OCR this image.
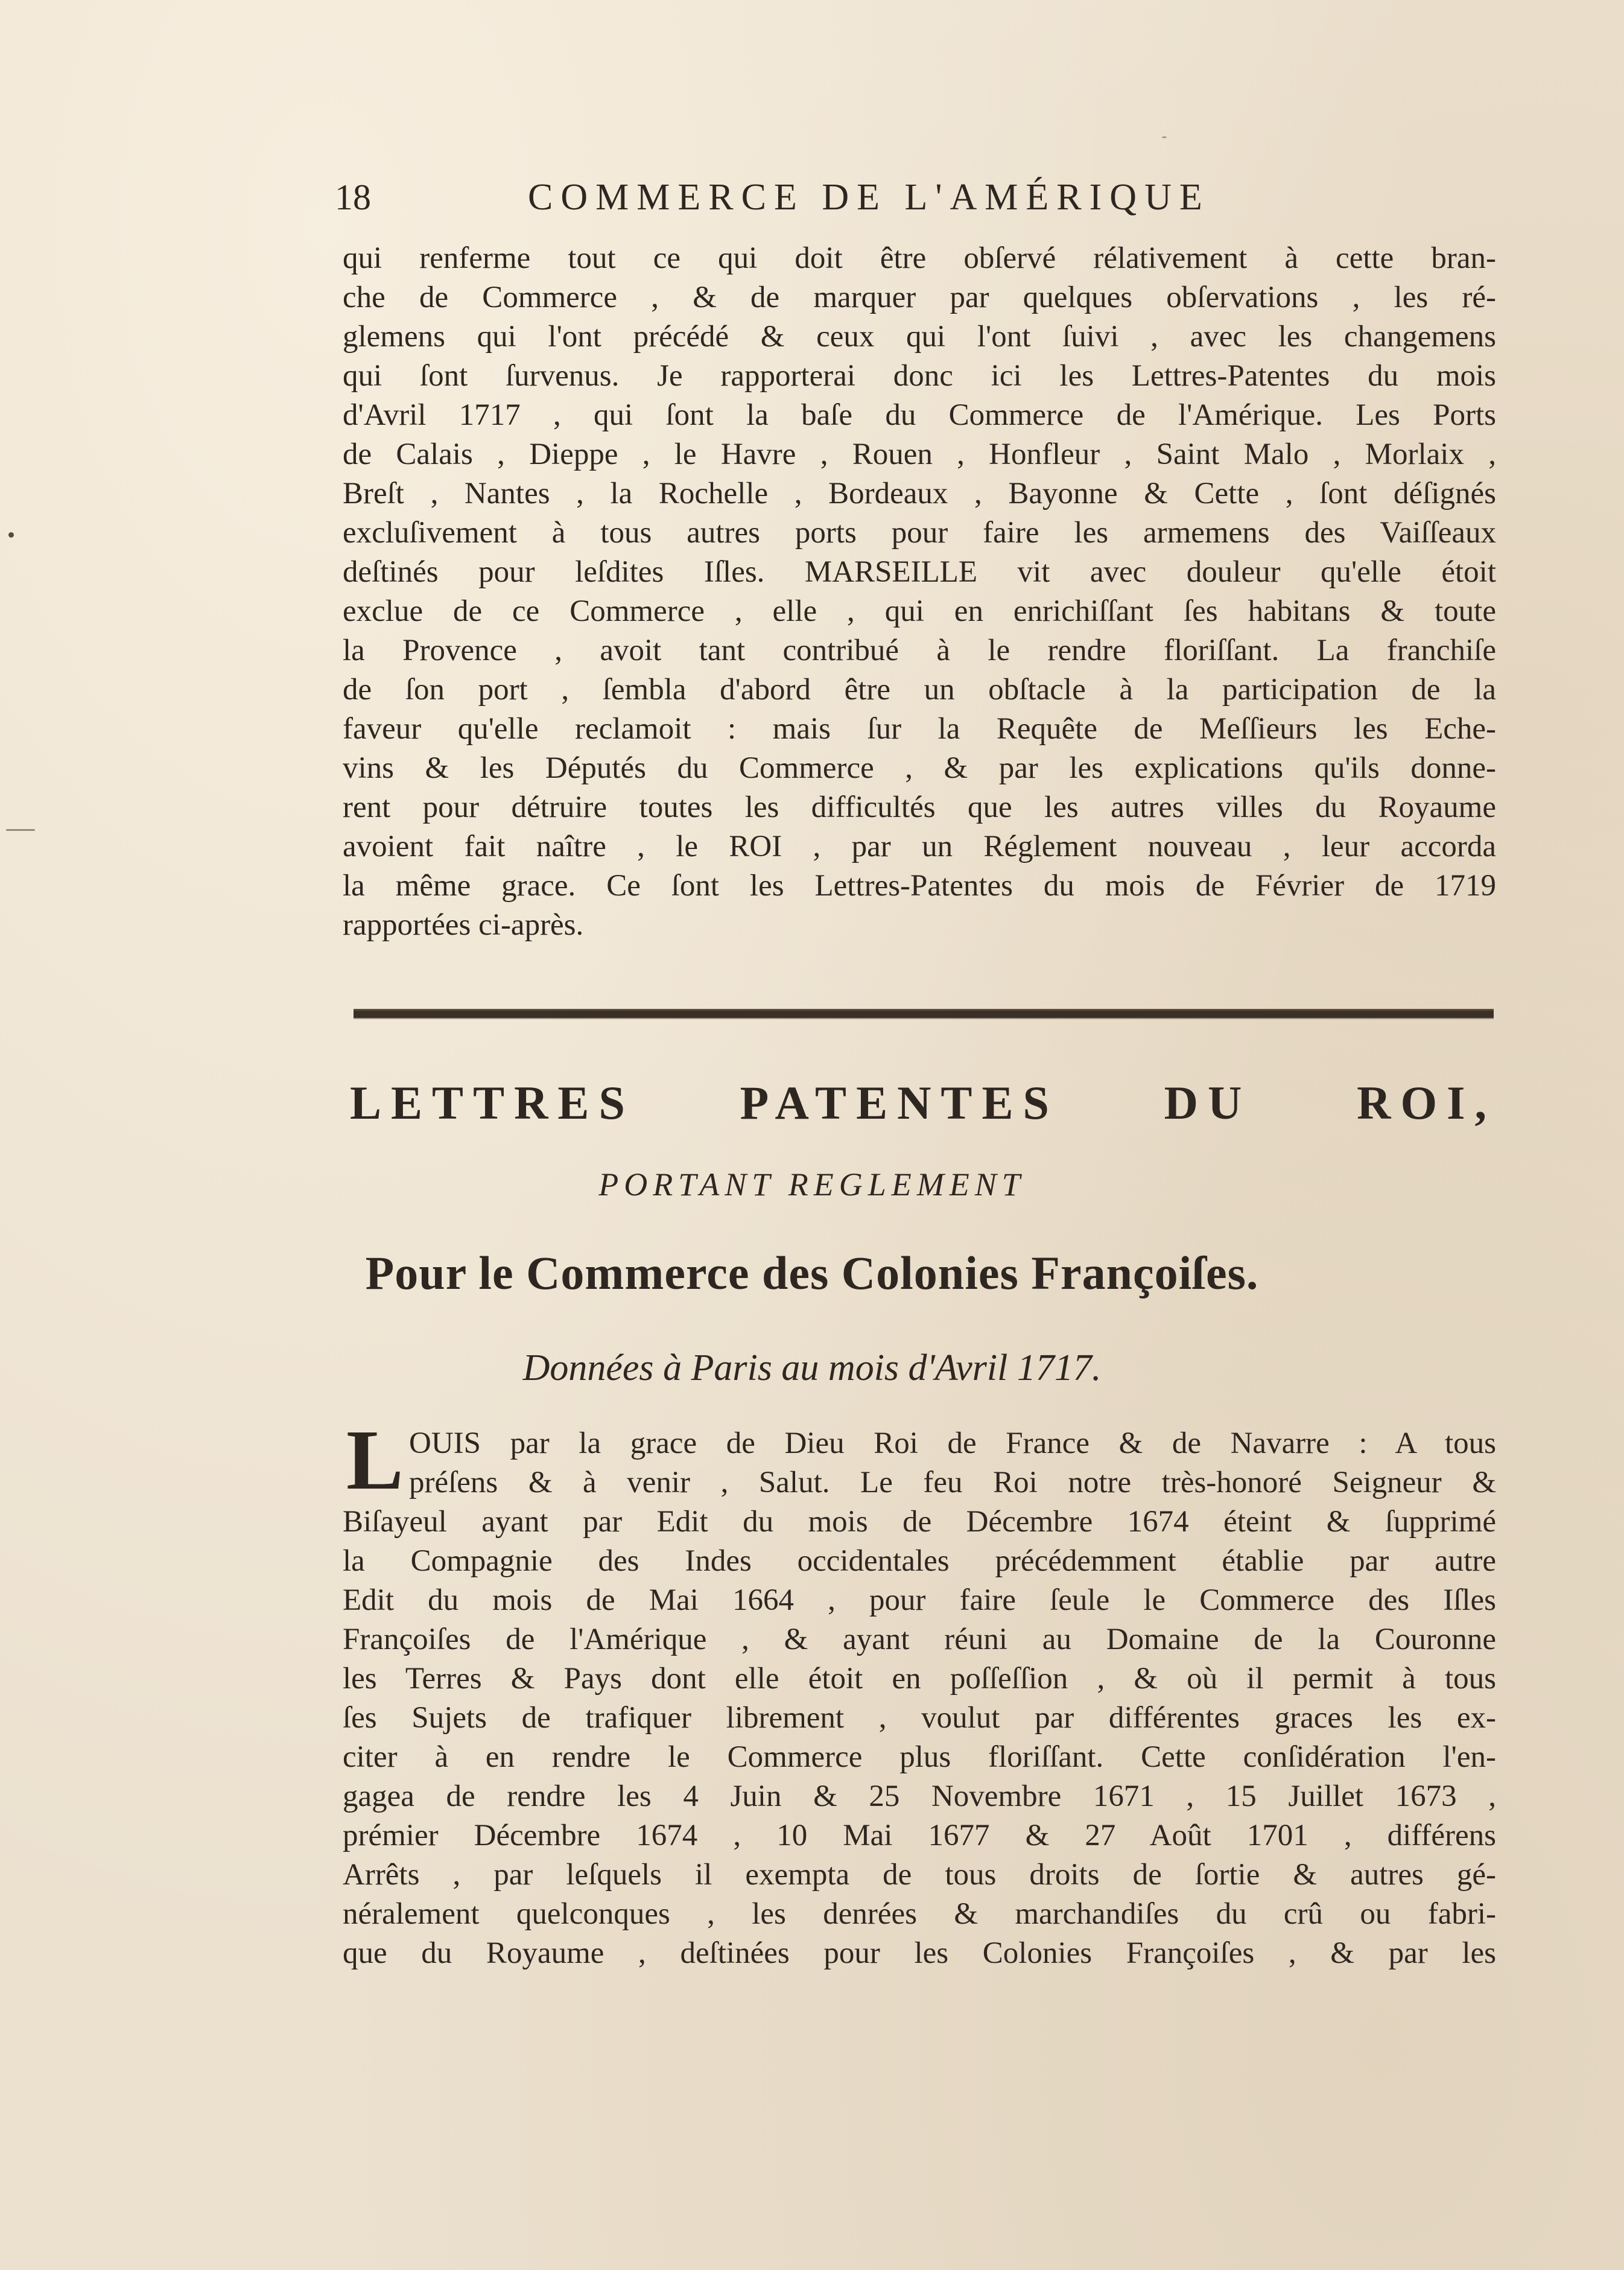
18	COMMERCE DE L'AMÉRIQUE
qui renferme tout ce qui doit être obſervé rélativement à cette bran-
che de Commerce , & de marquer par quelques obſervations , les ré-
glemens qui l'ont précédé & ceux qui l'ont ſuivi , avec les changemens
qui ſont ſurvenus. Je rapporterai donc ici les Lettres-Patentes du mois
d'Avril 1717 , qui ſont la baſe du Commerce de l'Amérique. Les Ports
de Calais , Dieppe , le Havre , Rouen , Honfleur , Saint Malo , Morlaix ,
Breſt , Nantes , la Rochelle , Bordeaux , Bayonne & Cette , ſont déſignés
excluſivement à tous autres ports pour faire les armemens des Vaiſſeaux
deſtinés pour leſdites Iſles. MARSEILLE vit avec douleur qu'elle étoit
exclue de ce Commerce , elle , qui en enrichiſſant ſes habitans & toute
la Provence , avoit tant contribué à le rendre floriſſant. La franchiſe
de ſon port , ſembla d'abord être un obſtacle à la participation de la
faveur qu'elle reclamoit : mais ſur la Requête de Meſſieurs les Eche-
vins & les Députés du Commerce , & par les explications qu'ils donne-
rent pour détruire toutes les difficultés que les autres villes du Royaume
avoient fait naître , le ROI , par un Réglement nouveau , leur accorda
la même grace. Ce ſont les Lettres-Patentes du mois de Février de 1719
rapportées ci-après.
LETTRES PATENTES DU ROI,
PORTANT REGLEMENT
Pour le Commerce des Colonies Françoiſes.
Données à Paris au mois d'Avril 1717.
L OUIS par la grace de Dieu Roi de France & de Navarre : A tous
préſens & à venir , Salut. Le feu Roi notre très-honoré Seigneur &
Biſayeul ayant par Edit du mois de Décembre 1674 éteint & ſupprimé
la Compagnie des Indes occidentales précédemment établie par autre
Edit du mois de Mai 1664 , pour faire ſeule le Commerce des Iſles
Françoiſes de l'Amérique , & ayant réuni au Domaine de la Couronne
les Terres & Pays dont elle étoit en poſſeſſion , & où il permit à tous
ſes Sujets de trafiquer librement , voulut par différentes graces les ex-
citer à en rendre le Commerce plus floriſſant. Cette conſidération l'en-
gagea de rendre les 4 Juin & 25 Novembre 1671 , 15 Juillet 1673 ,
prémier Décembre 1674 , 10 Mai 1677 & 27 Août 1701 , différens
Arrêts , par leſquels il exempta de tous droits de ſortie & autres gé-
néralement quelconques , les denrées & marchandiſes du crû ou fabri-
que du Royaume , deſtinées pour les Colonies Françoiſes , & par les
